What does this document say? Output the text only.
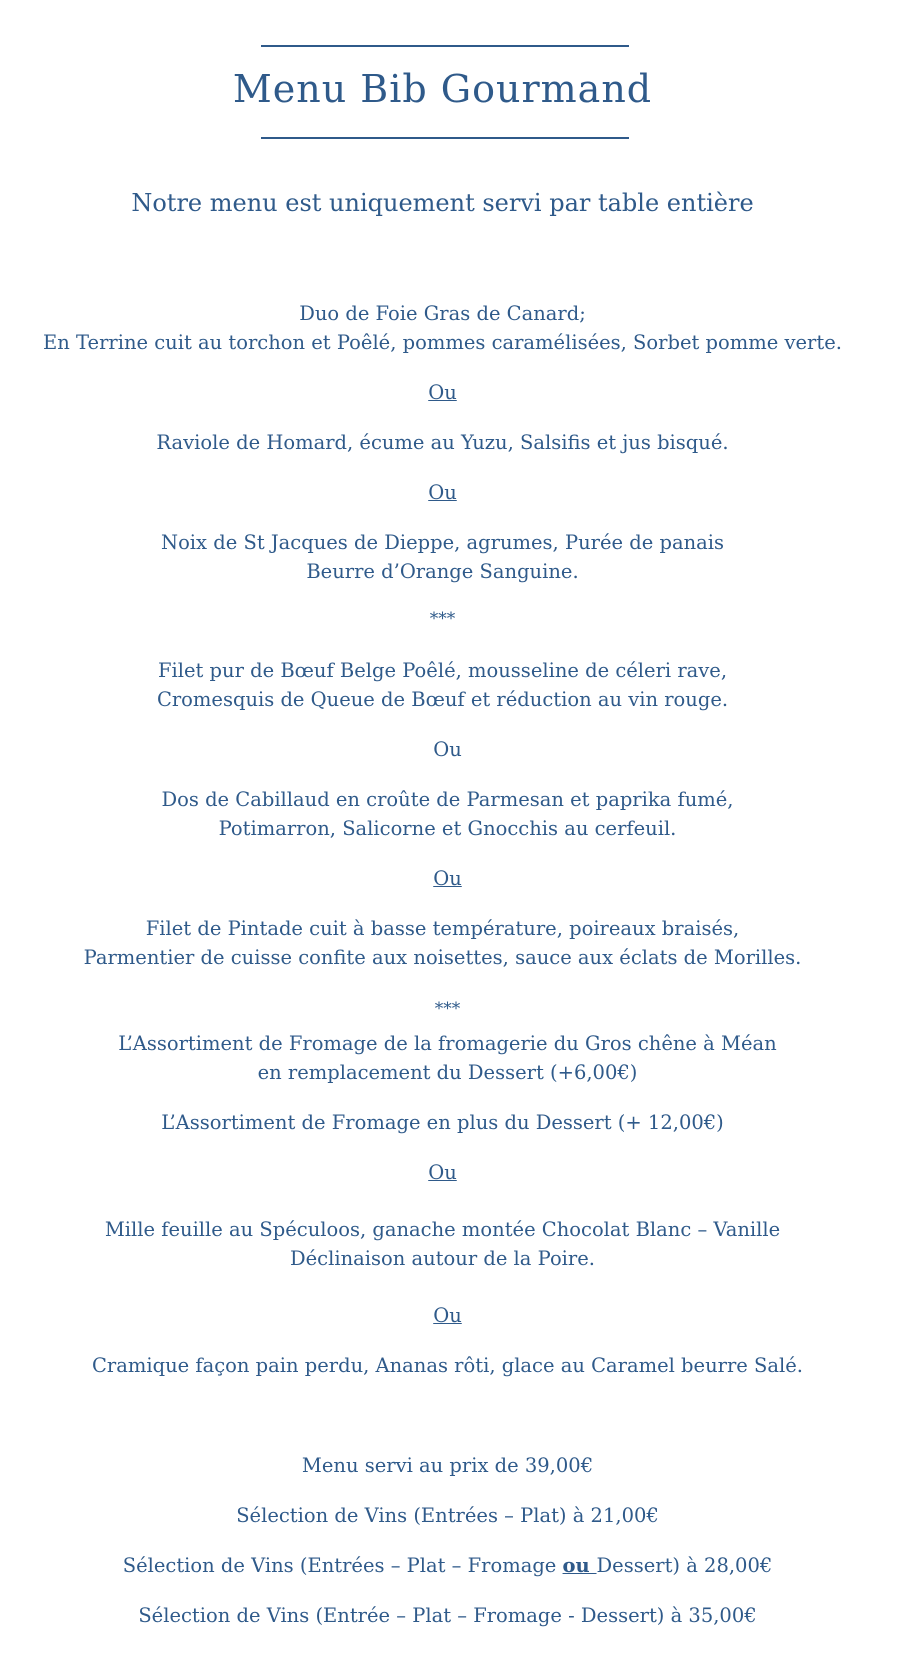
Menu Bib Gourmand
Notre menu est uniquement servi par table entière
Duo de Foie Gras de Canard;
En Terrine cuit au torchon et Poêlé, pommes caramélisées, Sorbet pomme verte.
Ou
Raviole de Homard, écume au Yuzu, Salsifis et jus bisqué.
Ou
Noix de St Jacques de Dieppe, agrumes, Purée de panais
Beurre d’Orange Sanguine.
***
Filet pur de Bœuf Belge Poêlé, mousseline de céleri rave,
Cromesquis de Queue de Bœuf et réduction au vin rouge.
Ou
Dos de Cabillaud en croûte de Parmesan et paprika fumé,
Potimarron, Salicorne et Gnocchis au cerfeuil.
Ou
Filet de Pintade cuit à basse température, poireaux braisés,
Parmentier de cuisse confite aux noisettes, sauce aux éclats de Morilles.
***
L’Assortiment de Fromage de la fromagerie du Gros chêne à Méan
en remplacement du Dessert (+6,00€)
L’Assortiment de Fromage en plus du Dessert (+ 12,00€)
Ou
Mille feuille au Spéculoos, ganache montée Chocolat Blanc – Vanille
Déclinaison autour de la Poire.
Ou
Cramique façon pain perdu, Ananas rôti, glace au Caramel beurre Salé.
Menu servi au prix de 39,00€
Sélection de Vins (Entrées – Plat) à 21,00€
Sélection de Vins (Entrées – Plat – Fromage ou Dessert) à 28,00€
Sélection de Vins (Entrée – Plat – Fromage - Dessert) à 35,00€
